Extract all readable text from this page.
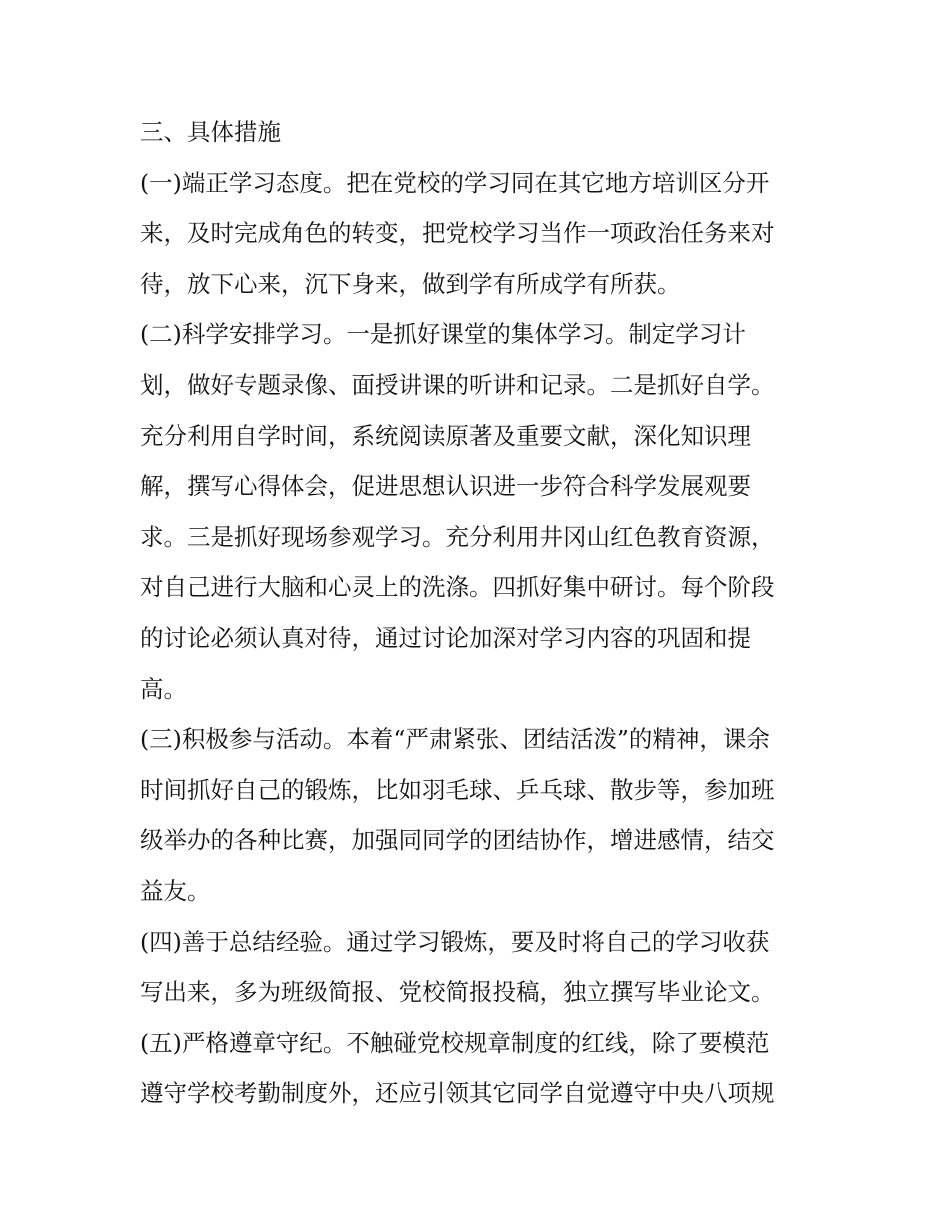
三、具体措施
(一)端正学习态度。把在党校的学习同在其它地方培训区分开
来，及时完成角色的转变，把党校学习当作一项政治任务来对
待，放下心来，沉下身来，做到学有所成学有所获。
(二)科学安排学习。一是抓好课堂的集体学习。制定学习计
划，做好专题录像、面授讲课的听讲和记录。二是抓好自学。
充分利用自学时间，系统阅读原著及重要文献，深化知识理
解，撰写心得体会，促进思想认识进一步符合科学发展观要
求。三是抓好现场参观学习。充分利用井冈山红色教育资源，
对自己进行大脑和心灵上的洗涤。四抓好集中研讨。每个阶段
的讨论必须认真对待，通过讨论加深对学习内容的巩固和提
高。
(三)积极参与活动。本着“严肃紧张、团结活泼”的精神，课余
时间抓好自己的锻炼，比如羽毛球、乒乓球、散步等，参加班
级举办的各种比赛，加强同同学的团结协作，增进感情，结交
益友。
(四)善于总结经验。通过学习锻炼，要及时将自己的学习收获
写出来，多为班级简报、党校简报投稿，独立撰写毕业论文。
(五)严格遵章守纪。不触碰党校规章制度的红线，除了要模范
遵守学校考勤制度外，还应引领其它同学自觉遵守中央八项规
